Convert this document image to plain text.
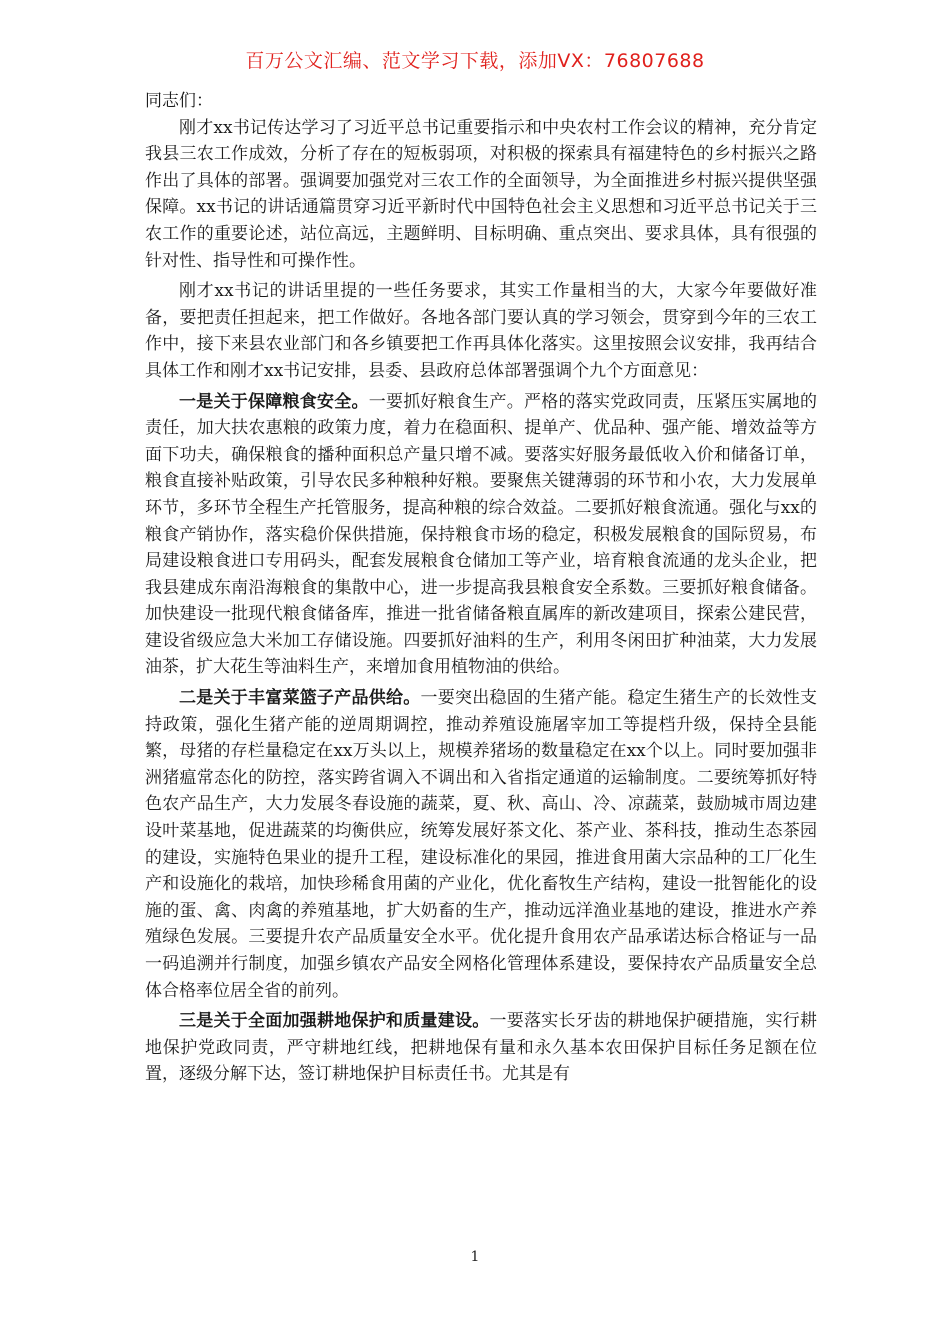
百万公文汇编、范文学习下载，添加VX：76807688

同志们：

刚才xx书记传达学习了习近平总书记重要指示和中央农村工作会议的精神，充分肯定我县三农工作成效，分析了存在的短板弱项，对积极的探索具有福建特色的乡村振兴之路作出了具体的部署。强调要加强党对三农工作的全面领导，为全面推进乡村振兴提供坚强保障。xx书记的讲话通篇贯穿习近平新时代中国特色社会主义思想和习近平总书记关于三农工作的重要论述，站位高远，主题鲜明、目标明确、重点突出、要求具体，具有很强的针对性、指导性和可操作性。

刚才xx书记的讲话里提的一些任务要求，其实工作量相当的大，大家今年要做好准备，要把责任担起来，把工作做好。各地各部门要认真的学习领会，贯穿到今年的三农工作中，接下来县农业部门和各乡镇要把工作再具体化落实。这里按照会议安排，我再结合具体工作和刚才xx书记安排，县委、县政府总体部署强调个九个方面意见：

一是关于保障粮食安全。一要抓好粮食生产。严格的落实党政同责，压紧压实属地的责任，加大扶农惠粮的政策力度，着力在稳面积、提单产、优品种、强产能、增效益等方面下功夫，确保粮食的播种面积总产量只增不减。要落实好服务最低收入价和储备订单，粮食直接补贴政策，引导农民多种粮种好粮。要聚焦关键薄弱的环节和小农，大力发展单环节，多环节全程生产托管服务，提高种粮的综合效益。二要抓好粮食流通。强化与xx的粮食产销协作，落实稳价保供措施，保持粮食市场的稳定，积极发展粮食的国际贸易，布局建设粮食进口专用码头，配套发展粮食仓储加工等产业，培育粮食流通的龙头企业，把我县建成东南沿海粮食的集散中心，进一步提高我县粮食安全系数。三要抓好粮食储备。加快建设一批现代粮食储备库，推进一批省储备粮直属库的新改建项目，探索公建民营，建设省级应急大米加工存储设施。四要抓好油料的生产，利用冬闲田扩种油菜，大力发展油茶，扩大花生等油料生产，来增加食用植物油的供给。

二是关于丰富菜篮子产品供给。一要突出稳固的生猪产能。稳定生猪生产的长效性支持政策，强化生猪产能的逆周期调控，推动养殖设施屠宰加工等提档升级，保持全县能繁，母猪的存栏量稳定在xx万头以上，规模养猪场的数量稳定在xx个以上。同时要加强非洲猪瘟常态化的防控，落实跨省调入不调出和入省指定通道的运输制度。二要统筹抓好特色农产品生产，大力发展冬春设施的蔬菜，夏、秋、高山、冷、凉蔬菜，鼓励城市周边建设叶菜基地，促进蔬菜的均衡供应，统筹发展好茶文化、茶产业、茶科技，推动生态茶园的建设，实施特色果业的提升工程，建设标准化的果园，推进食用菌大宗品种的工厂化生产和设施化的栽培，加快珍稀食用菌的产业化，优化畜牧生产结构，建设一批智能化的设施的蛋、禽、肉禽的养殖基地，扩大奶畜的生产，推动远洋渔业基地的建设，推进水产养殖绿色发展。三要提升农产品质量安全水平。优化提升食用农产品承诺达标合格证与一品一码追溯并行制度，加强乡镇农产品安全网格化管理体系建设，要保持农产品质量安全总体合格率位居全省的前列。

三是关于全面加强耕地保护和质量建设。一要落实长牙齿的耕地保护硬措施，实行耕地保护党政同责，严守耕地红线，把耕地保有量和永久基本农田保护目标任务足额在位置，逐级分解下达，签订耕地保护目标责任书。尤其是有

1
